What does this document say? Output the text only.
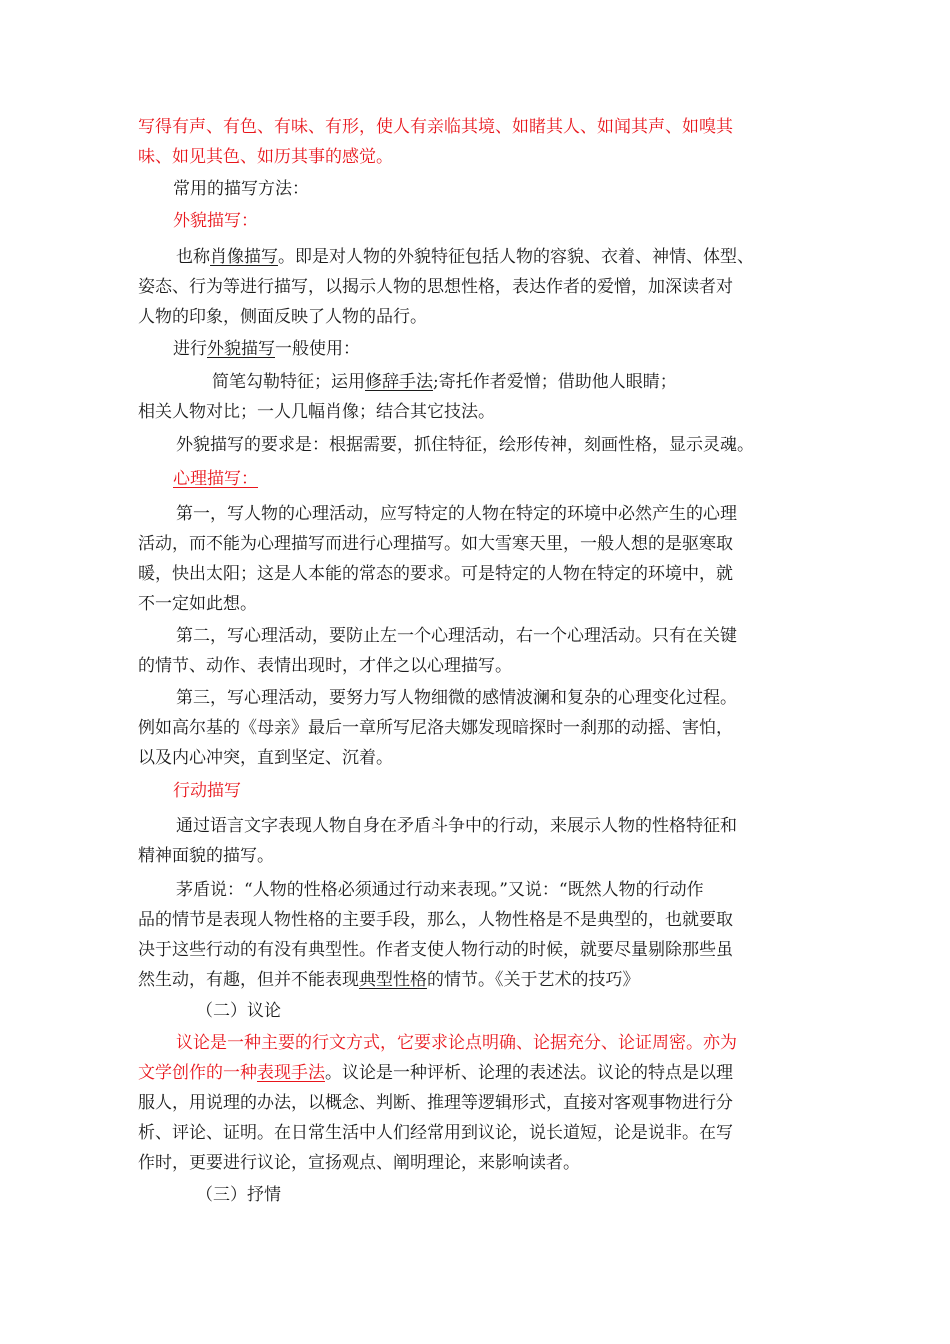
写得有声、有色、有味、有形，使人有亲临其境、如睹其人、如闻其声、如嗅其
味、如见其色、如历其事的感觉。
常用的描写方法：
外貌描写：
也称肖像描写。即是对人物的外貌特征包括人物的容貌、衣着、神情、体型、
姿态、行为等进行描写，以揭示人物的思想性格，表达作者的爱憎，加深读者对
人物的印象，侧面反映了人物的品行。
进行外貌描写一般使用：
简笔勾勒特征；运用修辞手法;寄托作者爱憎；借助他人眼睛；
相关人物对比；一人几幅肖像；结合其它技法。
外貌描写的要求是：根据需要，抓住特征，绘形传神，刻画性格，显示灵魂。
心理描写：
第一，写人物的心理活动，应写特定的人物在特定的环境中必然产生的心理
活动，而不能为心理描写而进行心理描写。如大雪寒天里，一般人想的是驱寒取
暖，快出太阳；这是人本能的常态的要求。可是特定的人物在特定的环境中，就
不一定如此想。
第二，写心理活动，要防止左一个心理活动，右一个心理活动。只有在关键
的情节、动作、表情出现时，才伴之以心理描写。
第三，写心理活动，要努力写人物细微的感情波澜和复杂的心理变化过程。
例如高尔基的《母亲》最后一章所写尼洛夫娜发现暗探时一刹那的动摇、害怕，
以及内心冲突，直到坚定、沉着。
行动描写
通过语言文字表现人物自身在矛盾斗争中的行动，来展示人物的性格特征和
精神面貌的描写。
茅盾说：“人物的性格必须通过行动来表现。”又说：“既然人物的行动作
品的情节是表现人物性格的主要手段，那么，人物性格是不是典型的，也就要取
决于这些行动的有没有典型性。作者支使人物行动的时候，就要尽量剔除那些虽
然生动，有趣，但并不能表现典型性格的情节。《关于艺术的技巧》
（二）议论
议论是一种主要的行文方式，它要求论点明确、论据充分、论证周密。亦为
文学创作的一种表现手法。议论是一种评析、论理的表述法。议论的特点是以理
服人，用说理的办法，以概念、判断、推理等逻辑形式，直接对客观事物进行分
析、评论、证明。在日常生活中人们经常用到议论，说长道短，论是说非。在写
作时，更要进行议论，宣扬观点、阐明理论，来影响读者。
（三）抒情
